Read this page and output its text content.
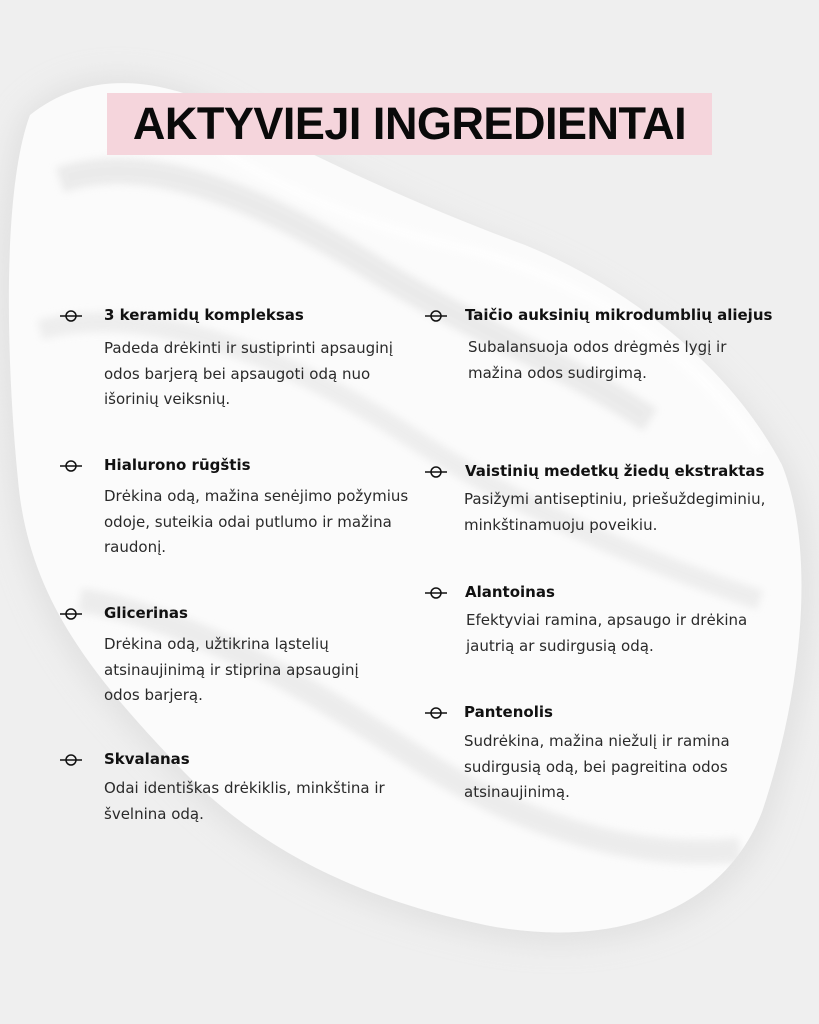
AKTYVIEJI INGREDIENTAI
3 keramidų kompleksas

Padeda drėkinti ir sustiprinti apsauginį odos barjerą bei apsaugoti odą nuo išorinių veiksnių.

Hialurono rūgštis

Drėkina odą, mažina senėjimo požymius odoje, suteikia odai putlumo ir mažina raudonį.

Glicerinas

Drėkina odą, užtikrina ląstelių atsinaujinimą ir stiprina apsauginį odos barjerą.

Skvalanas

Odai identiškas drėkiklis, minkština ir švelnina odą.

Taičio auksinių mikrodumblių aliejus

Subalansuoja odos drėgmės lygį ir mažina odos sudirgimą.

Vaistinių medetkų žiedų ekstraktas

Pasižymi antiseptiniu, priešuždegiminiu, minkštinamuoju poveikiu.

Alantoinas

Efektyviai ramina, apsaugo ir drėkina jautrią ar sudirgusią odą.

Pantenolis

Sudrėkina, mažina niežulį ir ramina sudirgusią odą, bei pagreitina odos atsinaujinimą.
